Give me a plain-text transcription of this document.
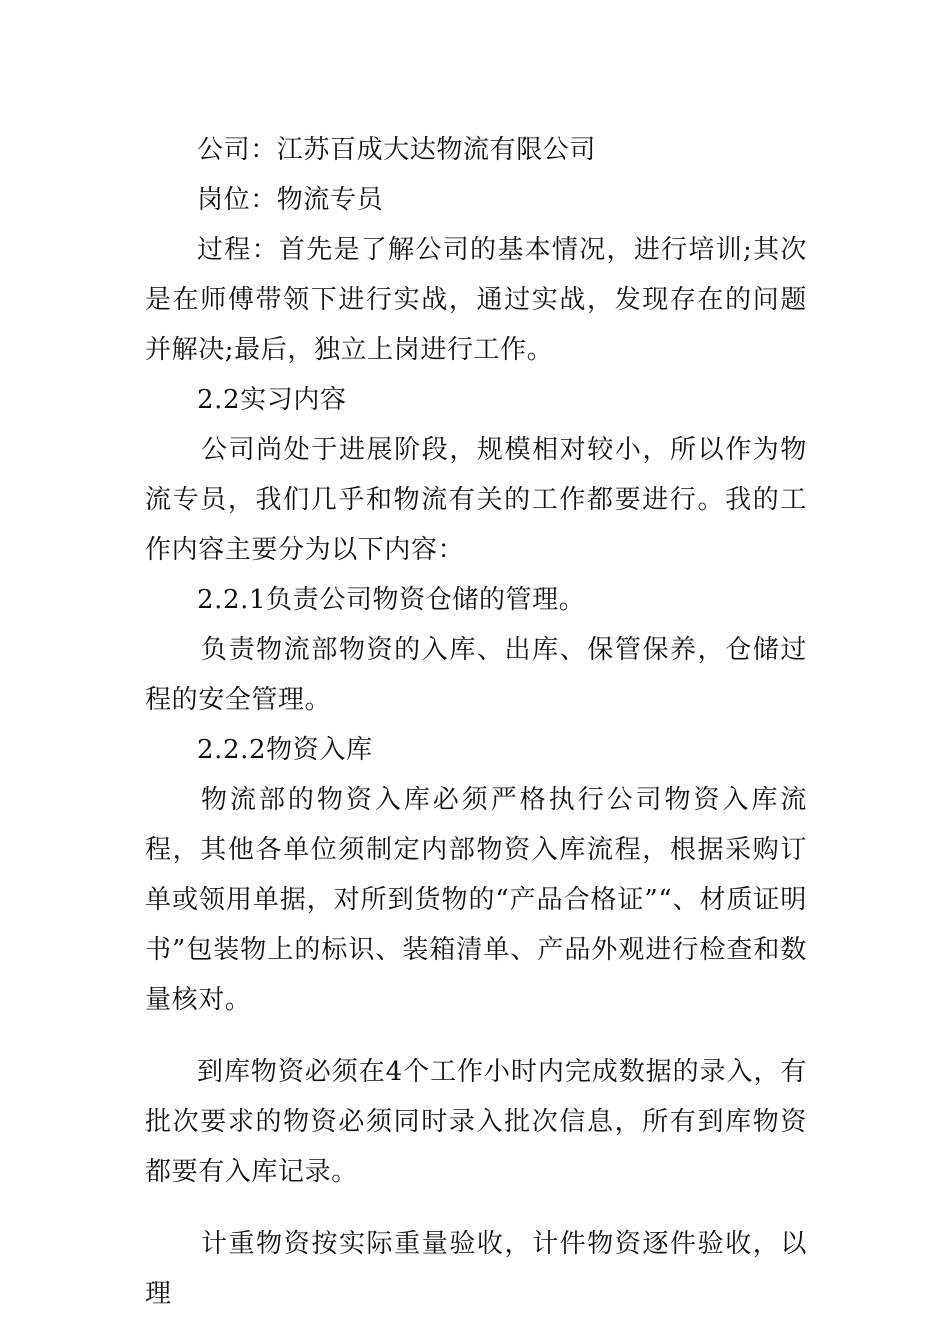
公司：江苏百成大达物流有限公司

岗位：物流专员

过程：首先是了解公司的基本情况，进行培训;其次是在师傅带领下进行实战，通过实战，发现存在的问题并解决;最后，独立上岗进行工作。

2.2实习内容

公司尚处于进展阶段，规模相对较小，所以作为物流专员，我们几乎和物流有关的工作都要进行。我的工作内容主要分为以下内容：

2.2.1负责公司物资仓储的管理。

负责物流部物资的入库、出库、保管保养，仓储过程的安全管理。

2.2.2物资入库

物流部的物资入库必须严格执行公司物资入库流程，其他各单位须制定内部物资入库流程，根据采购订单或领用单据，对所到货物的“产品合格证”“、材质证明书”包装物上的标识、装箱清单、产品外观进行检查和数量核对。

到库物资必须在4个工作小时内完成数据的录入，有批次要求的物资必须同时录入批次信息，所有到库物资都要有入库记录。

计重物资按实际重量验收，计件物资逐件验收，以理
